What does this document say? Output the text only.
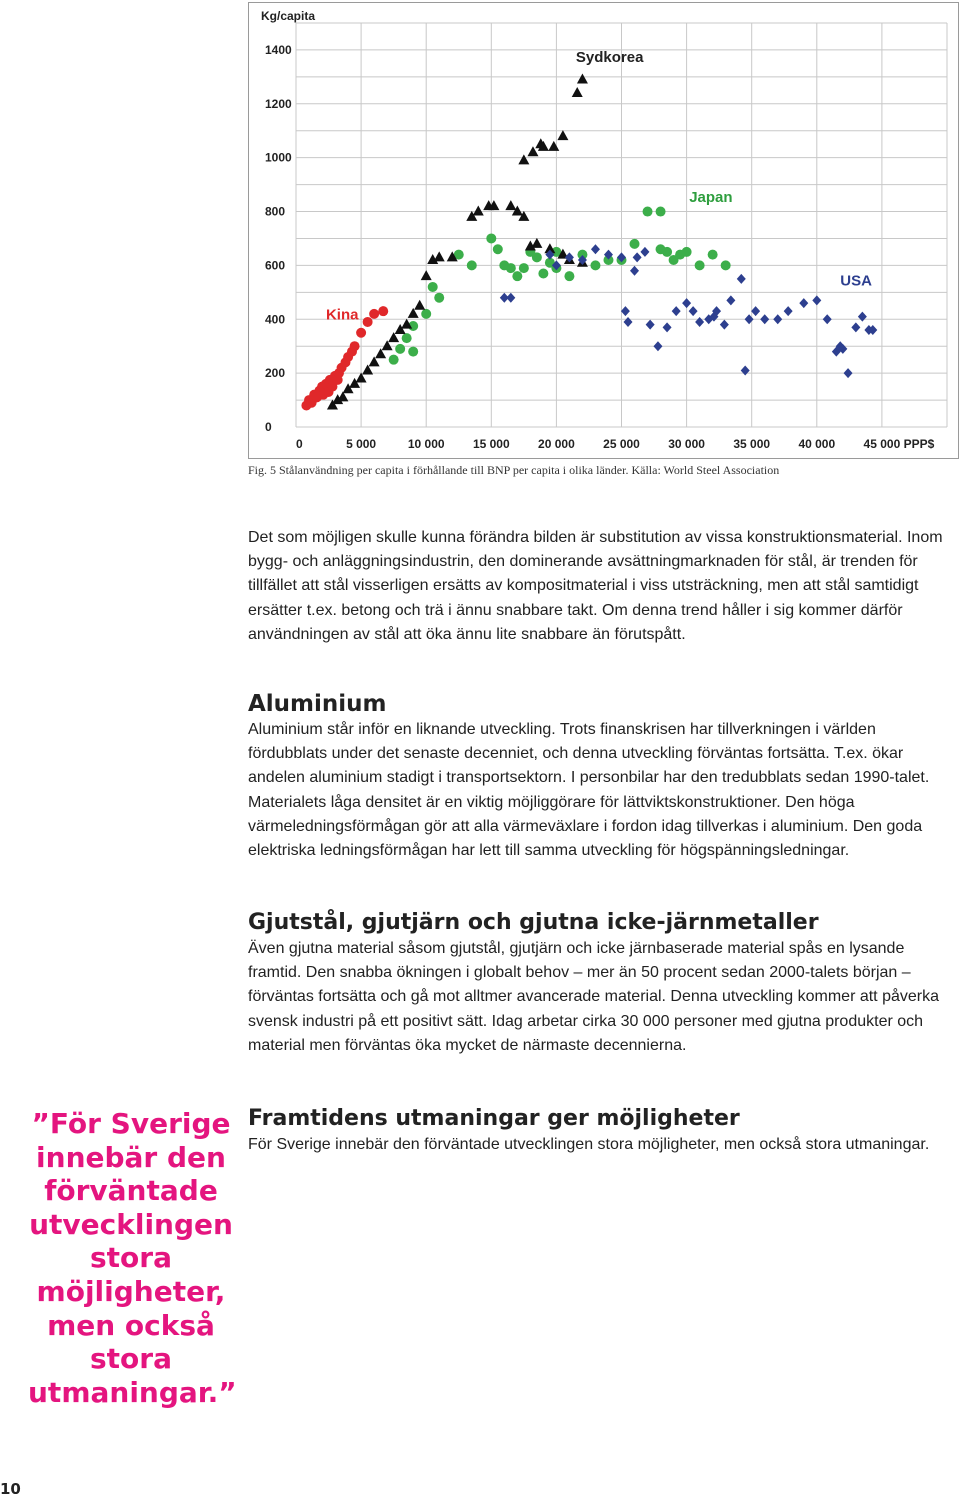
0	5 000	10 000 15 000 20 000 25 000 30 000 35 000 40 000 45 000
0
200
400
600
800
1000
1200
1400
Kg/capita
PPP$
Sydkorea
Japan
USA
Kina
Fig. 5 Stålanvändning per capita i förhållande till BNP per capita i olika länder. Källa: World Steel Association

Det som möjligen skulle kunna förändra bilden är substitution av vissa konstruktionsmaterial. Inom bygg- och anläggningsindustrin, den dominerande avsättningmarknaden för stål, är trenden för tillfället att stål visserligen ersätts av kompositmaterial i viss utsträckning, men att stål samtidigt ersätter t.ex. betong och trä i ännu snabbare takt. Om denna trend håller i sig kommer därför användningen av stål att öka ännu lite snabbare än förutspått.

Aluminium

Aluminium står inför en liknande utveckling. Trots finanskrisen har tillverkningen i världen fördubblats under det senaste decenniet, och denna utveckling förväntas fortsätta. T.ex. ökar andelen aluminium stadigt i transportsektorn. I personbilar har den tredubblats sedan 1990-talet. Materialets låga densitet är en viktig möjliggörare för lättviktskonstruktioner. Den höga värmeledningsförmågan gör att alla värmeväxlare i fordon idag tillverkas i aluminium. Den goda elektriska ledningsförmågan har lett till samma utveckling för högspänningsledningar.

Gjutstål, gjutjärn och gjutna icke-järnmetaller

Även gjutna material såsom gjutstål, gjutjärn och icke järnbaserade material spås en lysande framtid. Den snabba ökningen i globalt behov – mer än 50 procent sedan 2000-talets början – förväntas fortsätta och gå mot alltmer avancerade material. Denna utveckling kommer att påverka svensk industri på ett positivt sätt. Idag arbetar cirka 30 000 personer med gjutna produkter och material men förväntas öka mycket de närmaste decennierna.

Framtidens utmaningar ger möjligheter

För Sverige innebär den förväntade utvecklingen stora möjligheter, men också stora utmaningar.

”För Sverige innebär den förväntade utvecklingen stora möjligheter, men också stora utmaningar.”
10
